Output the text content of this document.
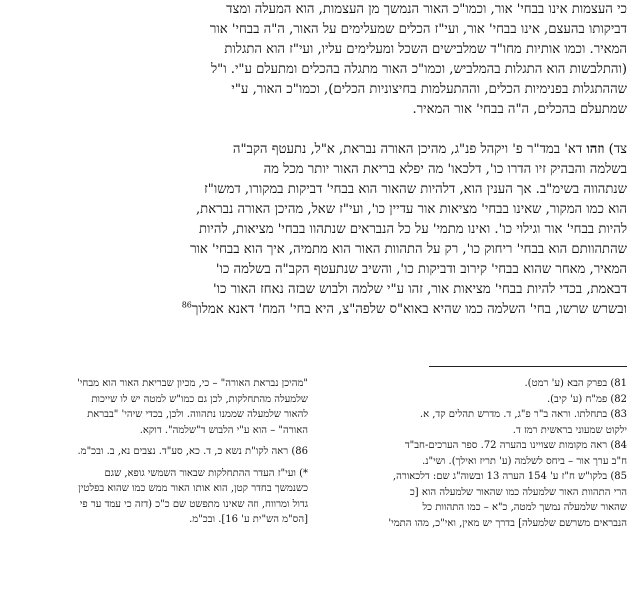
כי העצמות אינו בבחי' אור, וכמו"כ האור הנמשך מן העצמות, הוא המעלה ומצד
דביקותו בהעצם, אינו בבחי' אור, ועי"ז הכלים שמעלימים על האור, ה"ה בבחי' אור
המאיר. וכמו אותיות מחו"ד שמלבישים השכל ומעלימים עליו, ועי"ז הוא התגלות
(והתלבשות הוא התגלות בהמלביש, וכמו"כ האור מתגלה בהכלים ומתעלם ע"י. ו"ל
שההתגלות בפנימיות הכלים, וההתעלמות בחיצוניות הכלים), וכמו"כ האור, ע"י
שמתעלם בהכלים, ה"ה בבחי' אור המאיר.
צד) וזהו דא' במד"ר פ' ויקהל פנ"ג, מהיכן האורה נבראת, א"ל, נתעטף הקב"ה
בשלמה והבהיק זיו הדרו כו', דלכאו' מה יפלא בריאת האור יותר מכל מה
שנתהווה בשימ"ב. אך הענין הוא, דלהיות שהאור הוא בבחי' דביקות במקורו, דמשו"ז
הוא כמו המקור, שאינו בבחי' מציאות אור עדיין כו', ועי"ז שאל, מהיכן האורה נבראת,
להיות בבחי' אור וגילוי כו'. ואינו מתמי' על כל הנבראים שנתהוו בבחי' מציאות, להיות
שהתהוותם הוא בבחי' ריחוק כו', רק על התהוות האור הוא מתמיה, איך הוא בבחי' אור
המאיר, מאחר שהוא בבחי' קירוב ודביקות כו', והשיב שנתעטף הקב"ה בשלמה כו'
דבאמת, בכדי להיות בבחי' מציאות אור, זהו ע"י שלמה ולבוש שבזה נאחז האור כו'
ובשרש שרשו, בחי' השלמה כמו שהיא באוא"ס שלפה"צ, היא בחי' המח' דאנא אמלוך$^{86}$
81) בפרק הבא (ע' רמט).
82) פמ"ח (ע' קיב).
83) בתחלתו. וראה ב"ר פ"ג, ד. מדרש תהלים קד, א.
ילקוט שמעוני בראשית רמז ד.
84) ראה מקומות שצויינו בהערה 72. ספר הערכים-חב"ד
ח"ב ערך אור – ביחס לשלמה (ע' תריז ואילך). ושי"נ.
85) בלקו"ש ח"ז ע' 154 הערה 13 ובשוה"ג שם: דלכאורה,
הרי התהוות האור שלמעלה כמו שהאור שלמעלה הוא [כ
שהאור שלמעלה נמשך למטה, כ"א – כמו התהוות כל
הנבראים משרשם שלמעלה] בדרך יש מאין, ואי"כ, מהו התמי'
"מהיכן נבראת האורה" – כי, מכיון שבריאת האור הוא מבחי'
שלמעלה מהתחלקות, לכן גם כמו"ש למטה יש לו שייכות
להאור שלמעלה שממנו נתהווה. ולכן, בכדי שיהי' "בבראת
האורה" – הוא ע"י הלבוש ד"שלמה". דוקא.
86) ראה לקו"ת נשא כ, ד. כא, סע"ד. נצבים נא, ב. ובכ"מ.
*) ועי"ז העדר ההתחלקות שבאור השמשי גופא, שגם
כשנמשך בחדר קטן, הוא אותו האור ממש כמו שהוא בפלטין
גדול ומרווח, וזה שאינו מתפשט שם כ"כ (דזה כי עמד ער פי
[הס"מ הש"ית ע' 16]. ובכ"מ.
